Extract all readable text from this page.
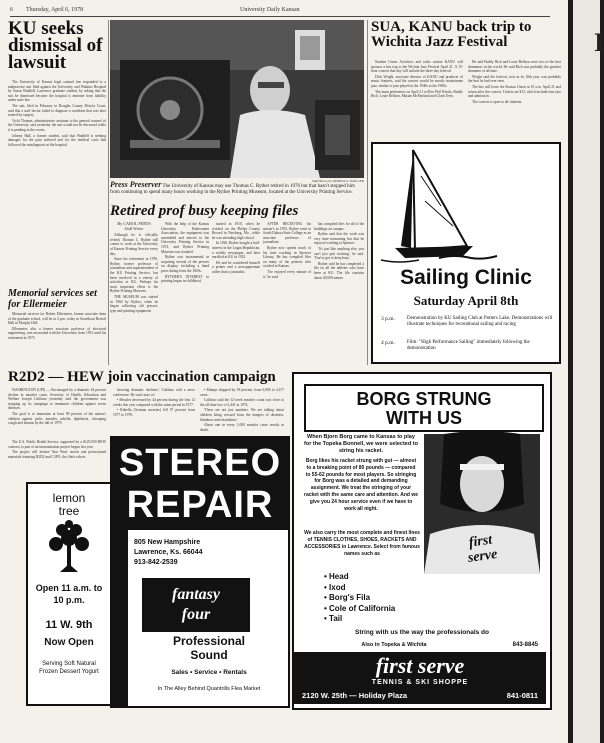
6 Thursday, April 6, 1978	University Daily Kansan
KU seeks dismissal of lawsuit

The University of Kansas legal counsel has responded to a malpractice suit filed against the University and Watkins Hospital by Susan Waddell, Lawrence graduate student, by asking that the suit be dismissed because the hospital is immune from liability under state law.

The suit, filed in February in Douglas County District Court, said that a staff doctor failed to diagnose a condition that was later treated by surgery.

Vicki Thomas, administrative assistant to the general counsel of the University, said yesterday the suit would not be discussed while it is pending in the courts.

Johnny Hall, a former student, said that Waddell is seeking damages for the pain suffered and for the medical costs that followed the misdiagnosis at the hospital.

Memorial services set for Ellermeier

Memorial services for Robert Ellermeier, former associate dean of the graduate school, will be at 4 p.m. today in Swarthout Recital Hall in Murphy Hall.

Ellermeier, also a former associate professor of electrical engineering, was associated with the University from 1951 until his retirement in 1975.

Staff Photo by DONNA S. WALLER
Press Preserver The University of Kansas may use Thomas C. Ryther retired in 1976 but that hasn't stopped him from continuing to spend many hours working in the Ryther Printing Museum, located at the University Printing Service.
Retired prof busy keeping files
By CAROL FERTS
Staff Writer

Although he is officially retired, Thomas C. Ryther still comes to work at the University of Kansas Printing Service every day.

Since his retirement in 1976, Ryther, former professor of journalism and superintendent of the KU Printing Service, has been involved in a variety of activities at KU. Perhaps his most important effort is the Ryther Printing Museum.

THE MUSEUM was started in 1960 by Ryther, when he began collecting old presses, type and printing equipment.

With the help of the Kansas University Endowment Association, the equipment was assembled and moved to the University Printing Service in 1972, and Ryther Printing Museum was founded.

Ryther was instrumental in acquiring several of the presses on display, including a hand press dating from the 1820s.

RYTHER'S INTEREST in printing began in childhood.

started in 1910, when he worked on the Phelps County Record in Newburg, Mo., while he was attending high school.

In 1926, Ryther bought a half-interest in the Logan Republican, a weekly newspaper, and later enrolled at KU in 1932.

He said he considered himself a printer and a newspaperman rather than a journalist.

AFTER RECEIVING his master's in 1955, Ryther went to South Dakota State College as an associate professor of journalism.

Ryther now spends much of his time working in Spencer Library. He has compiled files on many of the printers who worked in Kansas.

'I've enjoyed every minute of it,' he said.

has compiled files for all of the buildings on campus.

Ryther said that the work was very time-consuming but that he enjoyed working at Spencer.

'It's just like anything else, you can't just quit working,' he said. 'You've got to keep busy.'

Ryther said he has completed a file on all the athletes who have been at KU. The file contains about 20,000 names.

SUA, KANU back trip to Wichita Jazz Festival

Student Union Activities and radio station KANU will sponsor a bus trip to the Wichita Jazz Festival April 21. A 15-hour concert that day will include the three-day festival.

Dick Wright, associate director of KANU and producer of music features, said the concert would be mostly mainstream jazz, similar to jazz played in the 1940s to the 1960s.

The main performers on April 21 will be Phil Woods, Buddy Rich, Louie Bellson, Marian McPartland and Clark Terry.

He said Buddy Rich and Louie Bellson were two of the best drummers in the world. He said Rich was probably the greatest drummer of all time.

Wright said the festival, now in its 10th year, was probably the best he had ever seen.

The bus will leave the Kansas Union at 10 a.m. April 21 and return after the concert. Tickets are $12, which includes bus fare and admission.

The concert is open to all students.

Sailing Clinic
Saturday April 8th
3 p.m.	Demonstration by KU Sailing Club at Potters Lake. Demonstrations will illustrate techniques for recreational sailing and racing
4 p.m.	Film: "High Performance Sailing" immediately following the demonstration
R2D2 — HEW join vaccination campaign

WASHINGTON (UPI) — Encouraged by a dramatic 44 percent decline in measles cases, Secretary of Health, Education and Welfare Joseph Califano yesterday said the government was stepping up its campaign to immunize children against seven diseases.

The goal is to immunize at least 90 percent of the nation's children against polio, measles, rubella, diphtheria, whooping cough and tetanus by the fall of 1979.

The U.S. Public Health Service, supported by a $125,000 HEW contract, is part of an immunization project begun last year.

The project will feature 'Star Wars' movie and promotional materials featuring R2D2 and C3PO, the film's robots.

showing dramatic declines,' Califano told a news conference. He said cases of:

• Measles decreased by 44 percent during the first 12 weeks this year compared with the same period in 1977.

• Rubella (German measles) fell 57 percent from 1977 to 1978.

• Mumps dropped by 39 percent, from 6,800 to 4,157 cases.

Califano said the 12-week measles count was close to the all-time low of 2,441 in 1974.

'These are not just numbers. We are talking about children being rescued from the dangers of deafness, blindness and retardation.'

About one in every 1,000 measles cases results in death.

lemon
tree
Open 11 a.m. to 10 p.m.
11 W. 9th
Now Open
Serving Soft Natural Frozen Dessert Yogurt
STEREO
REPAIR
805 New Hampshire
Lawrence, Ks. 66044
913-842-2539
fantasy
four
Professional
Sound
Sales • Service • Rentals
In The Alley Behind Quantrills Flea Market
BORG STRUNG
WITH US
When Bjorn Borg came to Kansas to play for the Topeka Bonnell, we were selected to string his racket.
Borg likes his racket strung with gut — almost to a breaking point of 80 pounds — compared to 55-62 pounds for most players. So stringing for Borg was a detailed and demanding assignment. We treat the stringing of your racket with the same care and attention. And we give you 24 hour service even if we have to work all night.
first
serve
We also carry the most complete and finest lines of TENNIS CLOTHES, SHOES, RACKETS AND ACCESSORIES in Lawrence. Select from famous names such as
• Head
• Ixod
• Borg's Fila
• Cole of California
• Tail
String with us the way the professionals do
Also in Topeka & Wichita	843-8845
first serve
TENNIS & SKI SHOPPE
2120 W. 25th — Holiday Plaza	841-0811
I
